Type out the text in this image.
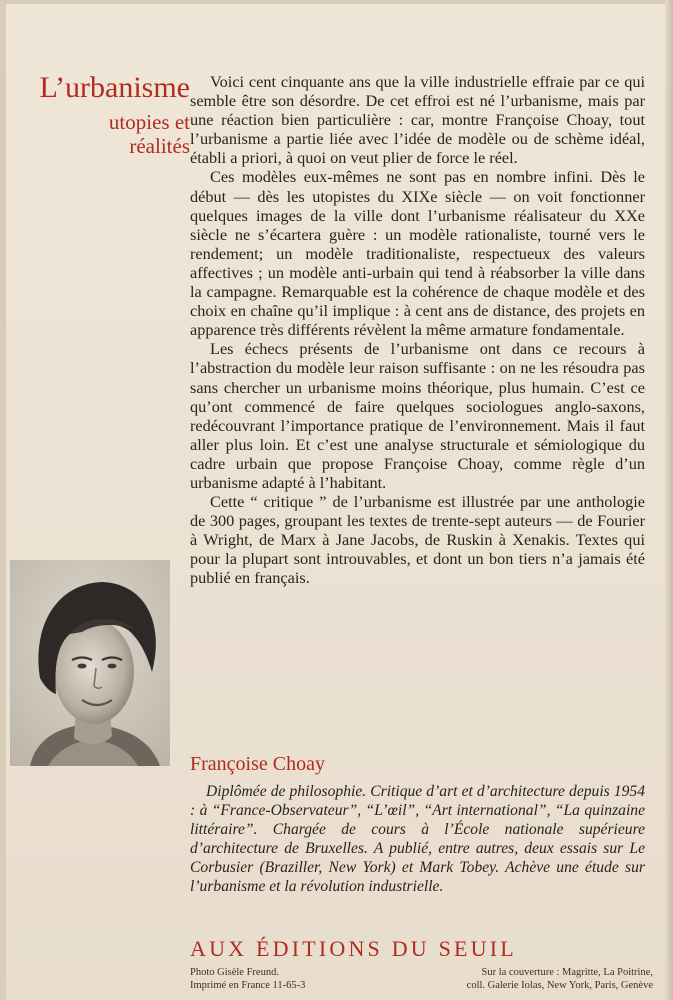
L’urbanisme
utopies et
réalités

Voici cent cinquante ans que la ville industrielle effraie par ce qui semble être son désordre. De cet effroi est né l’urbanisme, mais par une réaction bien particulière : car, montre Françoise Choay, tout l’urbanisme a partie liée avec l’idée de modèle ou de schème idéal, établi a priori, à quoi on veut plier de force le réel.

Ces modèles eux-mêmes ne sont pas en nombre infini. Dès le début — dès les utopistes du XIXe siècle — on voit fonctionner quelques images de la ville dont l’urbanisme réalisateur du XXe siècle ne s’écartera guère : un modèle rationaliste, tourné vers le rendement; un modèle traditionaliste, respectueux des valeurs affectives ; un modèle anti-urbain qui tend à réabsorber la ville dans la campagne. Remarquable est la cohérence de chaque modèle et des choix en chaîne qu’il implique : à cent ans de distance, des projets en apparence très différents révèlent la même armature fondamentale.

Les échecs présents de l’urbanisme ont dans ce recours à l’abstraction du modèle leur raison suffisante : on ne les résoudra pas sans chercher un urbanisme moins théorique, plus humain. C’est ce qu’ont commencé de faire quelques sociologues anglo-saxons, redécouvrant l’importance pratique de l’environnement. Mais il faut aller plus loin. Et c’est une analyse structurale et sémiologique du cadre urbain que propose Françoise Choay, comme règle d’un urbanisme adapté à l’habitant.

Cette “ critique ” de l’urbanisme est illustrée par une anthologie de 300 pages, groupant les textes de trente-sept auteurs — de Fourier à Wright, de Marx à Jane Jacobs, de Ruskin à Xenakis. Textes qui pour la plupart sont introuvables, et dont un bon tiers n’a jamais été publié en français.

Françoise Choay

Diplômée de philosophie. Critique d’art et d’architecture depuis 1954 : à “France-Observateur”, “L’œil”, “Art international”, “La quinzaine littéraire”. Chargée de cours à l’École nationale supérieure d’architecture de Bruxelles. A publié, entre autres, deux essais sur Le Corbusier (Braziller, New York) et Mark Tobey. Achève une étude sur l’urbanisme et la révolution industrielle.

AUX ÉDITIONS DU SEUIL
Photo Gisèle Freund.
Imprimé en France 11-65-3
Sur la couverture : Magritte, La Poitrine,
coll. Galerie Iolas, New York, Paris, Genève
